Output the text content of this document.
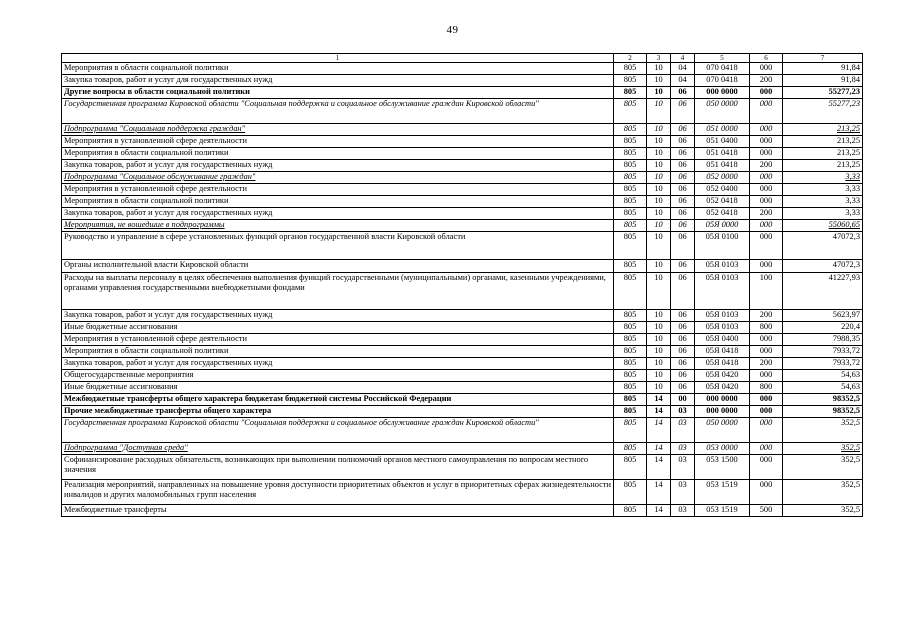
49
1	2	3	4	5	6	7
Мероприятия в области социальной политики	805	10	04	070 0418	000	91,84
Закупка товаров, работ и услуг для государственных нужд	805	10	04	070 0418	200	91,84
Другие вопросы в области социальной политики	805	10	06	000 0000	000	55277,23
Государственная программа Кировской области "Социальная поддержка и социальное обслуживание граждан Кировской области"	805	10	06	050 0000	000	55277,23
Подпрограмма "Социальная поддержка граждан"	805	10	06	051 0000	000	213,25
Мероприятия в установленной сфере деятельности	805	10	06	051 0400	000	213,25
Мероприятия в области социальной политики	805	10	06	051 0418	000	213,25
Закупка товаров, работ и услуг для государственных нужд	805	10	06	051 0418	200	213,25
Подпрограмма "Социальное обслуживание граждан"	805	10	06	052 0000	000	3,33
Мероприятия в установленной сфере деятельности	805	10	06	052 0400	000	3,33
Мероприятия в области социальной политики	805	10	06	052 0418	000	3,33
Закупка товаров, работ и услуг для государственных нужд	805	10	06	052 0418	200	3,33
Мероприятия, не вошедшие в подпрограммы	805	10	06	05Я 0000	000	55060,65
Руководство и управление в сфере установленных функций органов государственной власти Кировской области	805	10	06	05Я 0100	000	47072,3
Органы исполнительной власти Кировской области	805	10	06	05Я 0103	000	47072,3
Расходы на выплаты персоналу в целях обеспечения выполнения функций государственными (муниципальными) органами, казенными учреждениями, органами управления государственными внебюджетными фондами	805	10	06	05Я 0103	100	41227,93
Закупка товаров, работ и услуг для государственных нужд	805	10	06	05Я 0103	200	5623,97
Иные бюджетные ассигнования	805	10	06	05Я 0103	800	220,4
Мероприятия в установленной сфере деятельности	805	10	06	05Я 0400	000	7988,35
Мероприятия в области социальной политики	805	10	06	05Я 0418	000	7933,72
Закупка товаров, работ и услуг для государственных нужд	805	10	06	05Я 0418	200	7933,72
Общегосударственные мероприятия	805	10	06	05Я 0420	000	54,63
Иные бюджетные ассигнования	805	10	06	05Я 0420	800	54,63
Межбюджетные трансферты общего характера бюджетам бюджетной системы Российской Федерации	805	14	00	000 0000	000	98352,5
Прочие межбюджетные трансферты общего характера	805	14	03	000 0000	000	98352,5
Государственная программа Кировской области "Социальная поддержка и социальное обслуживание граждан Кировской области"	805	14	03	050 0000	000	352,5
Подпрограмма "Доступная среда"	805	14	03	053 0000	000	352,5
Софинансирование расходных обязательств, возникающих при выполнении полномочий органов местного самоуправления по вопросам местного значения	805	14	03	053 1500	000	352,5
Реализация мероприятий, направленных на повышение уровня доступности приоритетных объектов и услуг в приоритетных сферах жизнедеятельности инвалидов и других маломобильных групп населения	805	14	03	053 1519	000	352,5
Межбюджетные трансферты	805	14	03	053 1519	500	352,5
